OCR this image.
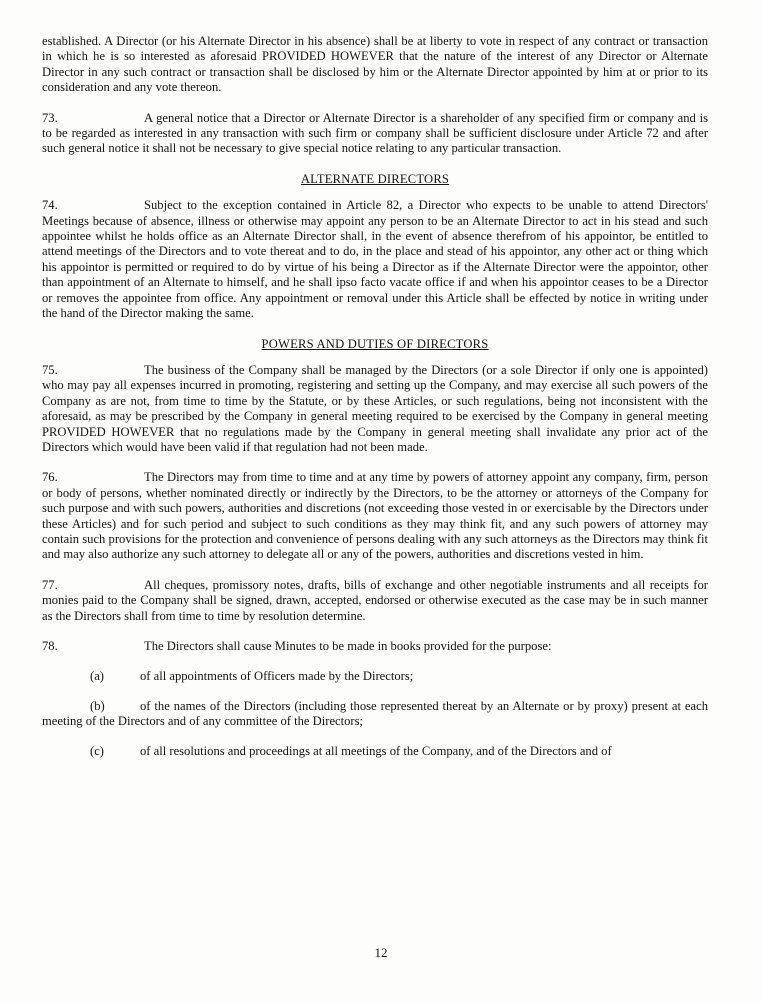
established. A Director (or his Alternate Director in his absence) shall be at liberty to vote in respect of any contract or transaction in which he is so interested as aforesaid PROVIDED HOWEVER that the nature of the interest of any Director or Alternate Director in any such contract or transaction shall be disclosed by him or the Alternate Director appointed by him at or prior to its consideration and any vote thereon.

73.	A general notice that a Director or Alternate Director is a shareholder of any specified firm or company and is to be regarded as interested in any transaction with such firm or company shall be sufficient disclosure under Article 72 and after such general notice it shall not be necessary to give special notice relating to any particular transaction.

ALTERNATE DIRECTORS

74.	Subject to the exception contained in Article 82, a Director who expects to be unable to attend Directors' Meetings because of absence, illness or otherwise may appoint any person to be an Alternate Director to act in his stead and such appointee whilst he holds office as an Alternate Director shall, in the event of absence therefrom of his appointor, be entitled to attend meetings of the Directors and to vote thereat and to do, in the place and stead of his appointor, any other act or thing which his appointor is permitted or required to do by virtue of his being a Director as if the Alternate Director were the appointor, other than appointment of an Alternate to himself, and he shall ipso facto vacate office if and when his appointor ceases to be a Director or removes the appointee from office. Any appointment or removal under this Article shall be effected by notice in writing under the hand of the Director making the same.

POWERS AND DUTIES OF DIRECTORS

75.	The business of the Company shall be managed by the Directors (or a sole Director if only one is appointed) who may pay all expenses incurred in promoting, registering and setting up the Company, and may exercise all such powers of the Company as are not, from time to time by the Statute, or by these Articles, or such regulations, being not inconsistent with the aforesaid, as may be prescribed by the Company in general meeting required to be exercised by the Company in general meeting PROVIDED HOWEVER that no regulations made by the Company in general meeting shall invalidate any prior act of the Directors which would have been valid if that regulation had not been made.

76.	The Directors may from time to time and at any time by powers of attorney appoint any company, firm, person or body of persons, whether nominated directly or indirectly by the Directors, to be the attorney or attorneys of the Company for such purpose and with such powers, authorities and discretions (not exceeding those vested in or exercisable by the Directors under these Articles) and for such period and subject to such conditions as they may think fit, and any such powers of attorney may contain such provisions for the protection and convenience of persons dealing with any such attorneys as the Directors may think fit and may also authorize any such attorney to delegate all or any of the powers, authorities and discretions vested in him.

77.	All cheques, promissory notes, drafts, bills of exchange and other negotiable instruments and all receipts for monies paid to the Company shall be signed, drawn, accepted, endorsed or otherwise executed as the case may be in such manner as the Directors shall from time to time by resolution determine.

78.	The Directors shall cause Minutes to be made in books provided for the purpose:

(a)	of all appointments of Officers made by the Directors;

(b)	of the names of the Directors (including those represented thereat by an Alternate or by proxy) present at each meeting of the Directors and of any committee of the Directors;

(c)	of all resolutions and proceedings at all meetings of the Company, and of the Directors and of

12
